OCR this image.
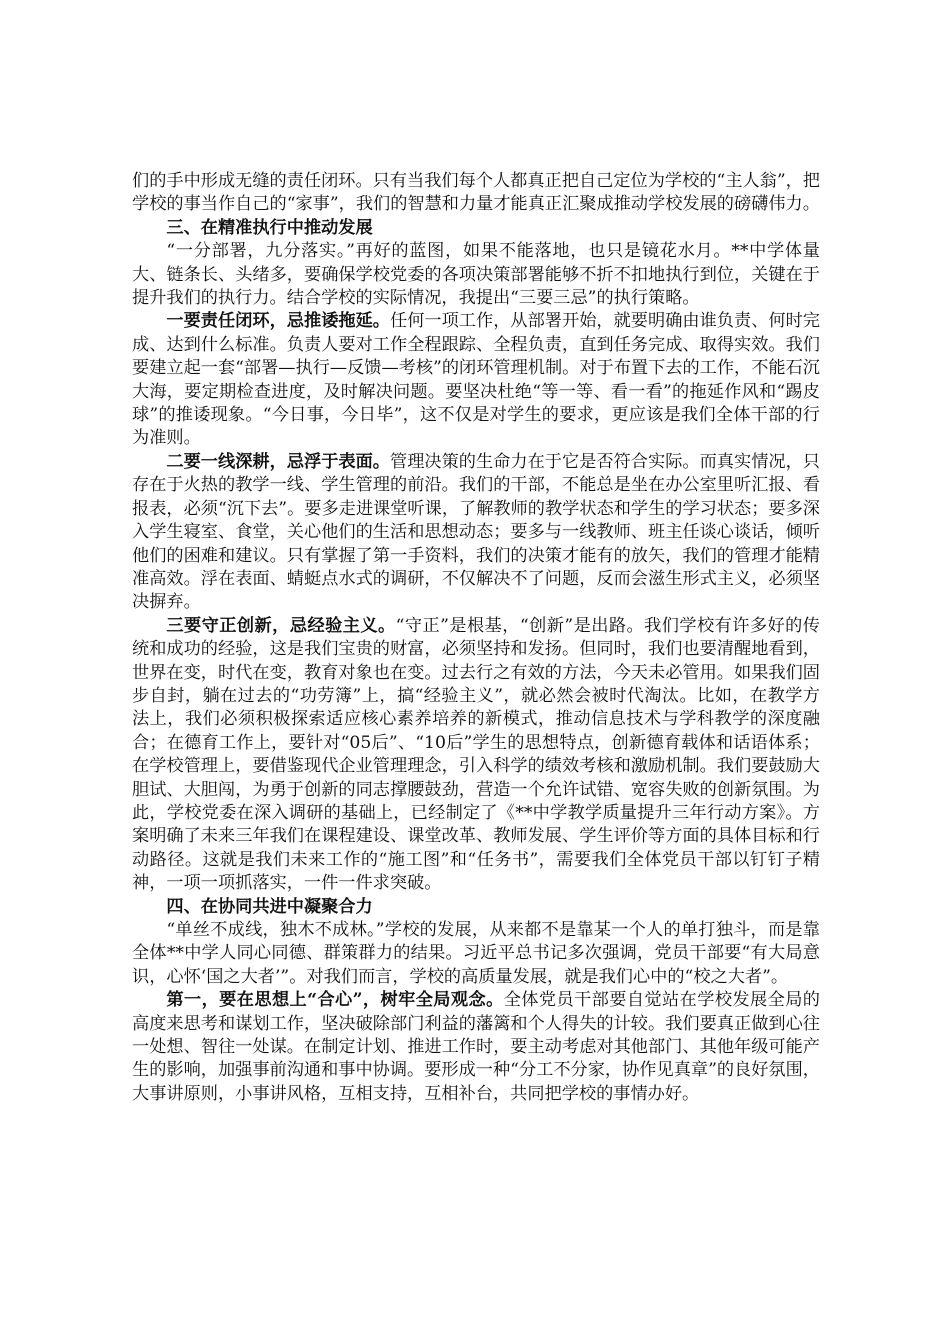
们的手中形成无缝的责任闭环。只有当我们每个人都真正把自己定位为学校的“主人翁”，把学校的事当作自己的“家事”，我们的智慧和力量才能真正汇聚成推动学校发展的磅礴伟力。

三、在精准执行中推动发展

“一分部署，九分落实。”再好的蓝图，如果不能落地，也只是镜花水月。**中学体量大、链条长、头绪多，要确保学校党委的各项决策部署能够不折不扣地执行到位，关键在于提升我们的执行力。结合学校的实际情况，我提出“三要三忌”的执行策略。

一要责任闭环，忌推诿拖延。任何一项工作，从部署开始，就要明确由谁负责、何时完成、达到什么标准。负责人要对工作全程跟踪、全程负责，直到任务完成、取得实效。我们要建立起一套“部署—执行—反馈—考核”的闭环管理机制。对于布置下去的工作，不能石沉大海，要定期检查进度，及时解决问题。要坚决杜绝“等一等、看一看”的拖延作风和“踢皮球”的推诿现象。“今日事，今日毕”，这不仅是对学生的要求，更应该是我们全体干部的行为准则。

二要一线深耕，忌浮于表面。管理决策的生命力在于它是否符合实际。而真实情况，只存在于火热的教学一线、学生管理的前沿。我们的干部，不能总是坐在办公室里听汇报、看报表，必须“沉下去”。要多走进课堂听课，了解教师的教学状态和学生的学习状态；要多深入学生寝室、食堂，关心他们的生活和思想动态；要多与一线教师、班主任谈心谈话，倾听他们的困难和建议。只有掌握了第一手资料，我们的决策才能有的放矢，我们的管理才能精准高效。浮在表面、蜻蜓点水式的调研，不仅解决不了问题，反而会滋生形式主义，必须坚决摒弃。

三要守正创新，忌经验主义。“守正”是根基，“创新”是出路。我们学校有许多好的传统和成功的经验，这是我们宝贵的财富，必须坚持和发扬。但同时，我们也要清醒地看到，世界在变，时代在变，教育对象也在变。过去行之有效的方法，今天未必管用。如果我们固步自封，躺在过去的“功劳簿”上，搞“经验主义”，就必然会被时代淘汰。比如，在教学方法上，我们必须积极探索适应核心素养培养的新模式，推动信息技术与学科教学的深度融合；在德育工作上，要针对“05后”、“10后”学生的思想特点，创新德育载体和话语体系；在学校管理上，要借鉴现代企业管理理念，引入科学的绩效考核和激励机制。我们要鼓励大胆试、大胆闯，为勇于创新的同志撑腰鼓劲，营造一个允许试错、宽容失败的创新氛围。为此，学校党委在深入调研的基础上，已经制定了《**中学教学质量提升三年行动方案》。方案明确了未来三年我们在课程建设、课堂改革、教师发展、学生评价等方面的具体目标和行动路径。这就是我们未来工作的“施工图”和“任务书”，需要我们全体党员干部以钉钉子精神，一项一项抓落实，一件一件求突破。

四、在协同共进中凝聚合力

“单丝不成线，独木不成林。”学校的发展，从来都不是靠某一个人的单打独斗，而是靠全体**中学人同心同德、群策群力的结果。习近平总书记多次强调，党员干部要“有大局意识，心怀‘国之大者’”。对我们而言，学校的高质量发展，就是我们心中的“校之大者”。

第一，要在思想上“合心”，树牢全局观念。全体党员干部要自觉站在学校发展全局的高度来思考和谋划工作，坚决破除部门利益的藩篱和个人得失的计较。我们要真正做到心往一处想、智往一处谋。在制定计划、推进工作时，要主动考虑对其他部门、其他年级可能产生的影响，加强事前沟通和事中协调。要形成一种“分工不分家，协作见真章”的良好氛围，大事讲原则，小事讲风格，互相支持，互相补台，共同把学校的事情办好。
